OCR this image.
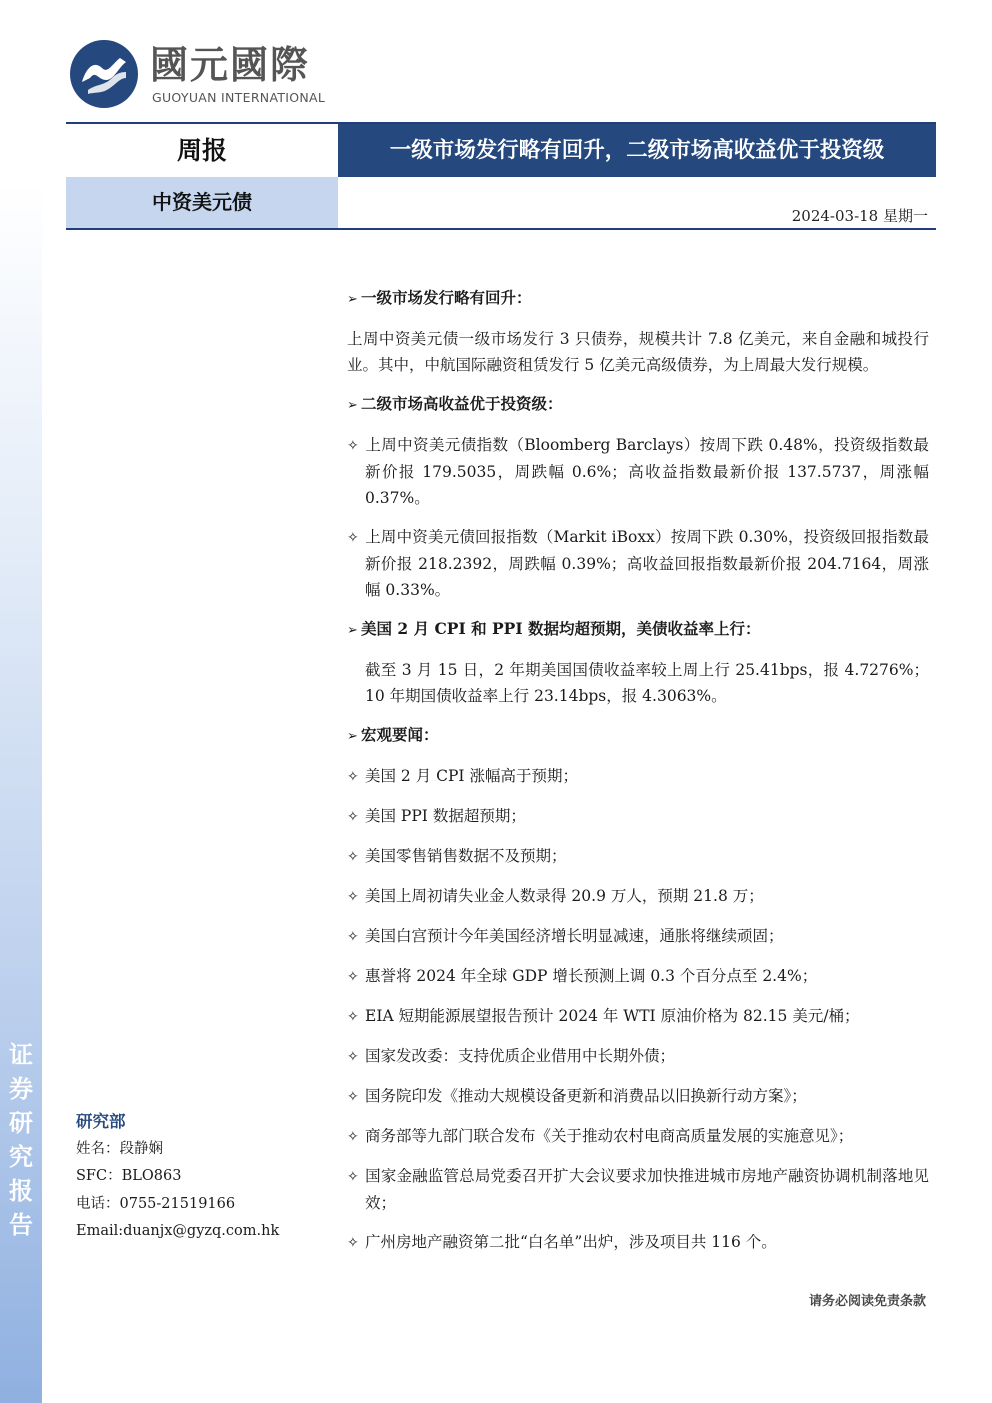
证
券
研
究
报
告
國元國際
GUOYUAN INTERNATIONAL
周报	一级市场发行略有回升，二级市场高收益优于投资级
中资美元债
2024-03-18 星期一
➢ 一级市场发行略有回升：
上周中资美元债一级市场发行 3 只债券，规模共计 7.8 亿美元，来自金融和城投行业。其中，中航国际融资租赁发行 5 亿美元高级债券，为上周最大发行规模。
➢ 二级市场高收益优于投资级：
✧ 上周中资美元债指数（Bloomberg Barclays）按周下跌 0.48%，投资级指数最新价报 179.5035，周跌幅 0.6%；高收益指数最新价报 137.5737，周涨幅 0.37%。
✧ 上周中资美元债回报指数（Markit iBoxx）按周下跌 0.30%，投资级回报指数最新价报 218.2392，周跌幅 0.39%；高收益回报指数最新价报 204.7164，周涨幅 0.33%。
➢ 美国 2 月 CPI 和 PPI 数据均超预期，美债收益率上行：
截至 3 月 15 日，2 年期美国国债收益率较上周上行 25.41bps，报 4.7276%；10 年期国债收益率上行 23.14bps，报 4.3063%。
➢ 宏观要闻：
✧ 美国 2 月 CPI 涨幅高于预期；
✧ 美国 PPI 数据超预期；
✧ 美国零售销售数据不及预期；
✧ 美国上周初请失业金人数录得 20.9 万人，预期 21.8 万；
✧ 美国白宫预计今年美国经济增长明显减速，通胀将继续顽固；
✧ 惠誉将 2024 年全球 GDP 增长预测上调 0.3 个百分点至 2.4%；
✧ EIA 短期能源展望报告预计 2024 年 WTI 原油价格为 82.15 美元/桶；
✧ 国家发改委：支持优质企业借用中长期外债；
✧ 国务院印发《推动大规模设备更新和消费品以旧换新行动方案》；
✧ 商务部等九部门联合发布《关于推动农村电商高质量发展的实施意见》；
✧ 国家金融监管总局党委召开扩大会议要求加快推进城市房地产融资协调机制落地见效；
✧ 广州房地产融资第二批“白名单”出炉，涉及项目共 116 个。
研究部
姓名：段静娴
SFC：BLO863
电话：0755-21519166
Email:duanjx@gyzq.com.hk
请务必阅读免责条款
